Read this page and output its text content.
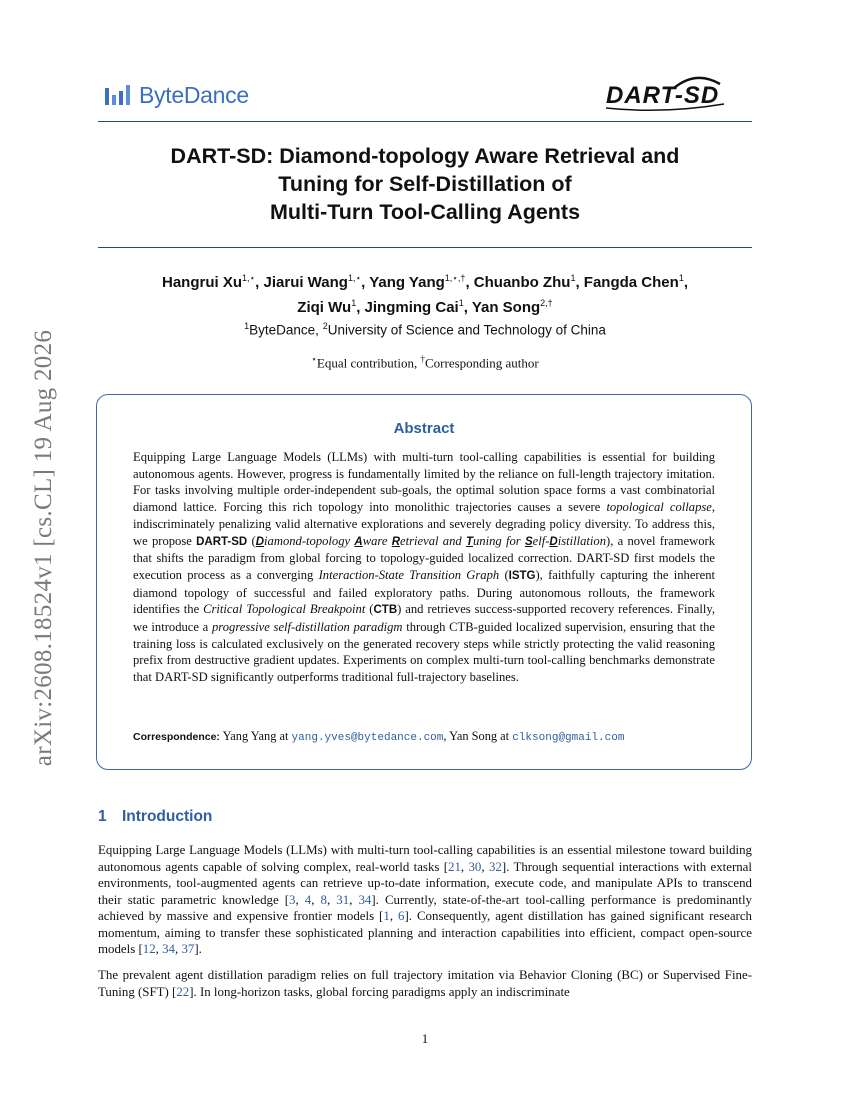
ByteDance	DART-SD
arXiv:2608.18524v1 [cs.CL] 19 Aug 2026
DART-SD: Diamond-topology Aware Retrieval and
Tuning for Self-Distillation of
Multi-Turn Tool-Calling Agents
Hangrui $Xu^{1,⋆}$, Jiarui Wang$^{1,⋆}$, Yang Yang$^{1,⋆,\dagger}$, Chuanbo Zhu$^1$, Fangda Chen$^1$,
Ziqi Wu$^1$, Jingming Cai$^1$, Yan Song$^{2,\dagger}$
$^1$ByteDance, $^2$University of Science and Technology of China
⋆Equal contribution, †Corresponding author
Abstract
Equipping Large Language Models (LLMs) with multi-turn tool-calling capabilities is essential for building autonomous agents. However, progress is fundamentally limited by the reliance on full-length trajectory imitation. For tasks involving multiple order-independent sub-goals, the optimal solution space forms a vast combinatorial diamond lattice. Forcing this rich topology into monolithic trajectories causes a severe topological collapse, indiscriminately penalizing valid alternative explorations and severely degrading policy diversity. To address this, we propose DART-SD (Diamond-topology Aware Retrieval and Tuning for Self-Distillation), a novel framework that shifts the paradigm from global forcing to topology-guided localized correction. DART-SD first models the execution process as a converging Interaction-State Transition Graph (ISTG), faithfully capturing the inherent diamond topology of successful and failed exploratory paths. During autonomous rollouts, the framework identifies the Critical Topological Breakpoint (CTB) and retrieves success-supported recovery references. Finally, we introduce a progressive self-distillation paradigm through CTB-guided localized supervision, ensuring that the training loss is calculated exclusively on the generated recovery steps while strictly protecting the valid reasoning prefix from destructive gradient updates. Experiments on complex multi-turn tool-calling benchmarks demonstrate that DART-SD significantly outperforms traditional full-trajectory baselines.
Correspondence: Yang Yang at yang.yves@bytedance.com, Yan Song at clksong@gmail.com
1 Introduction
Equipping Large Language Models (LLMs) with multi-turn tool-calling capabilities is an essential milestone toward building autonomous agents capable of solving complex, real-world tasks [21, 30, 32]. Through sequential interactions with external environments, tool-augmented agents can retrieve up-to-date information, execute code, and manipulate APIs to transcend their static parametric knowledge [3, 4, 8, 31, 34]. Currently, state-of-the-art tool-calling performance is predominantly achieved by massive and expensive frontier models [1, 6]. Consequently, agent distillation has gained significant research momentum, aiming to transfer these sophisticated planning and interaction capabilities into efficient, compact open-source models [12, 34, 37].
The prevalent agent distillation paradigm relies on full trajectory imitation via Behavior Cloning (BC) or Supervised Fine-Tuning (SFT) [22]. In long-horizon tasks, global forcing paradigms apply an indiscriminate
1
